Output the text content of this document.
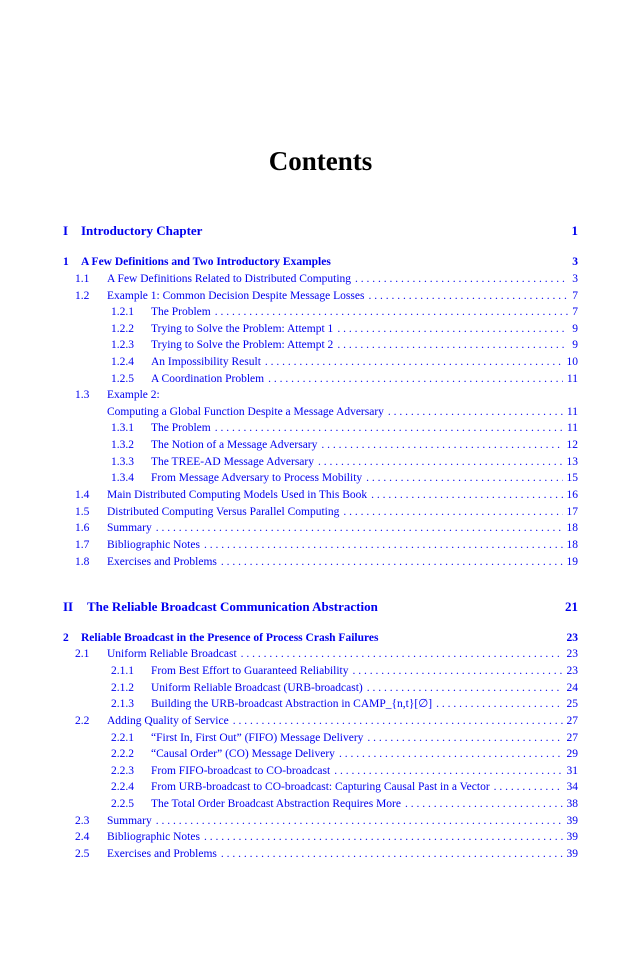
Contents
I Introductory Chapter	1
1	A Few Definitions and Two Introductory Examples	3
1.1	A Few Definitions Related to Distributed Computing . . .	3
1.2	Example 1: Common Decision Despite Message Losses . . .	7
1.2.1	The Problem . . .	7
1.2.2	Trying to Solve the Problem: Attempt 1 . . .	9
1.2.3	Trying to Solve the Problem: Attempt 2 . . .	9
1.2.4	An Impossibility Result . . .	10
1.2.5	A Coordination Problem . . .	11
1.3	Example 2:
Computing a Global Function Despite a Message Adversary . . .	11
1.3.1	The Problem . . .	11
1.3.2	The Notion of a Message Adversary . . .	12
1.3.3	The TREE-AD Message Adversary . . .	13
1.3.4	From Message Adversary to Process Mobility . . .	15
1.4	Main Distributed Computing Models Used in This Book . . .	16
1.5	Distributed Computing Versus Parallel Computing . . .	17
1.6	Summary . . .	18
1.7	Bibliographic Notes . . .	18
1.8	Exercises and Problems . . .	19
II	The Reliable Broadcast Communication Abstraction	21
2	Reliable Broadcast in the Presence of Process Crash Failures	23
2.1	Uniform Reliable Broadcast . . .	23
2.1.1	From Best Effort to Guaranteed Reliability . . .	23
2.1.2	Uniform Reliable Broadcast (URB-broadcast) . . .	24
2.1.3	Building the URB-broadcast Abstraction in CAMP_{n,t}[∅] . . .	25
2.2	Adding Quality of Service . . .	27
2.2.1	“First In, First Out” (FIFO) Message Delivery . . .	27
2.2.2	“Causal Order” (CO) Message Delivery . . .	29
2.2.3	From FIFO-broadcast to CO-broadcast . . .	31
2.2.4	From URB-broadcast to CO-broadcast: Capturing Causal Past in a Vector . . .	34
2.2.5	The Total Order Broadcast Abstraction Requires More . . .	38
2.3	Summary . . .	39
2.4	Bibliographic Notes . . .	39
2.5	Exercises and Problems . . .	39
